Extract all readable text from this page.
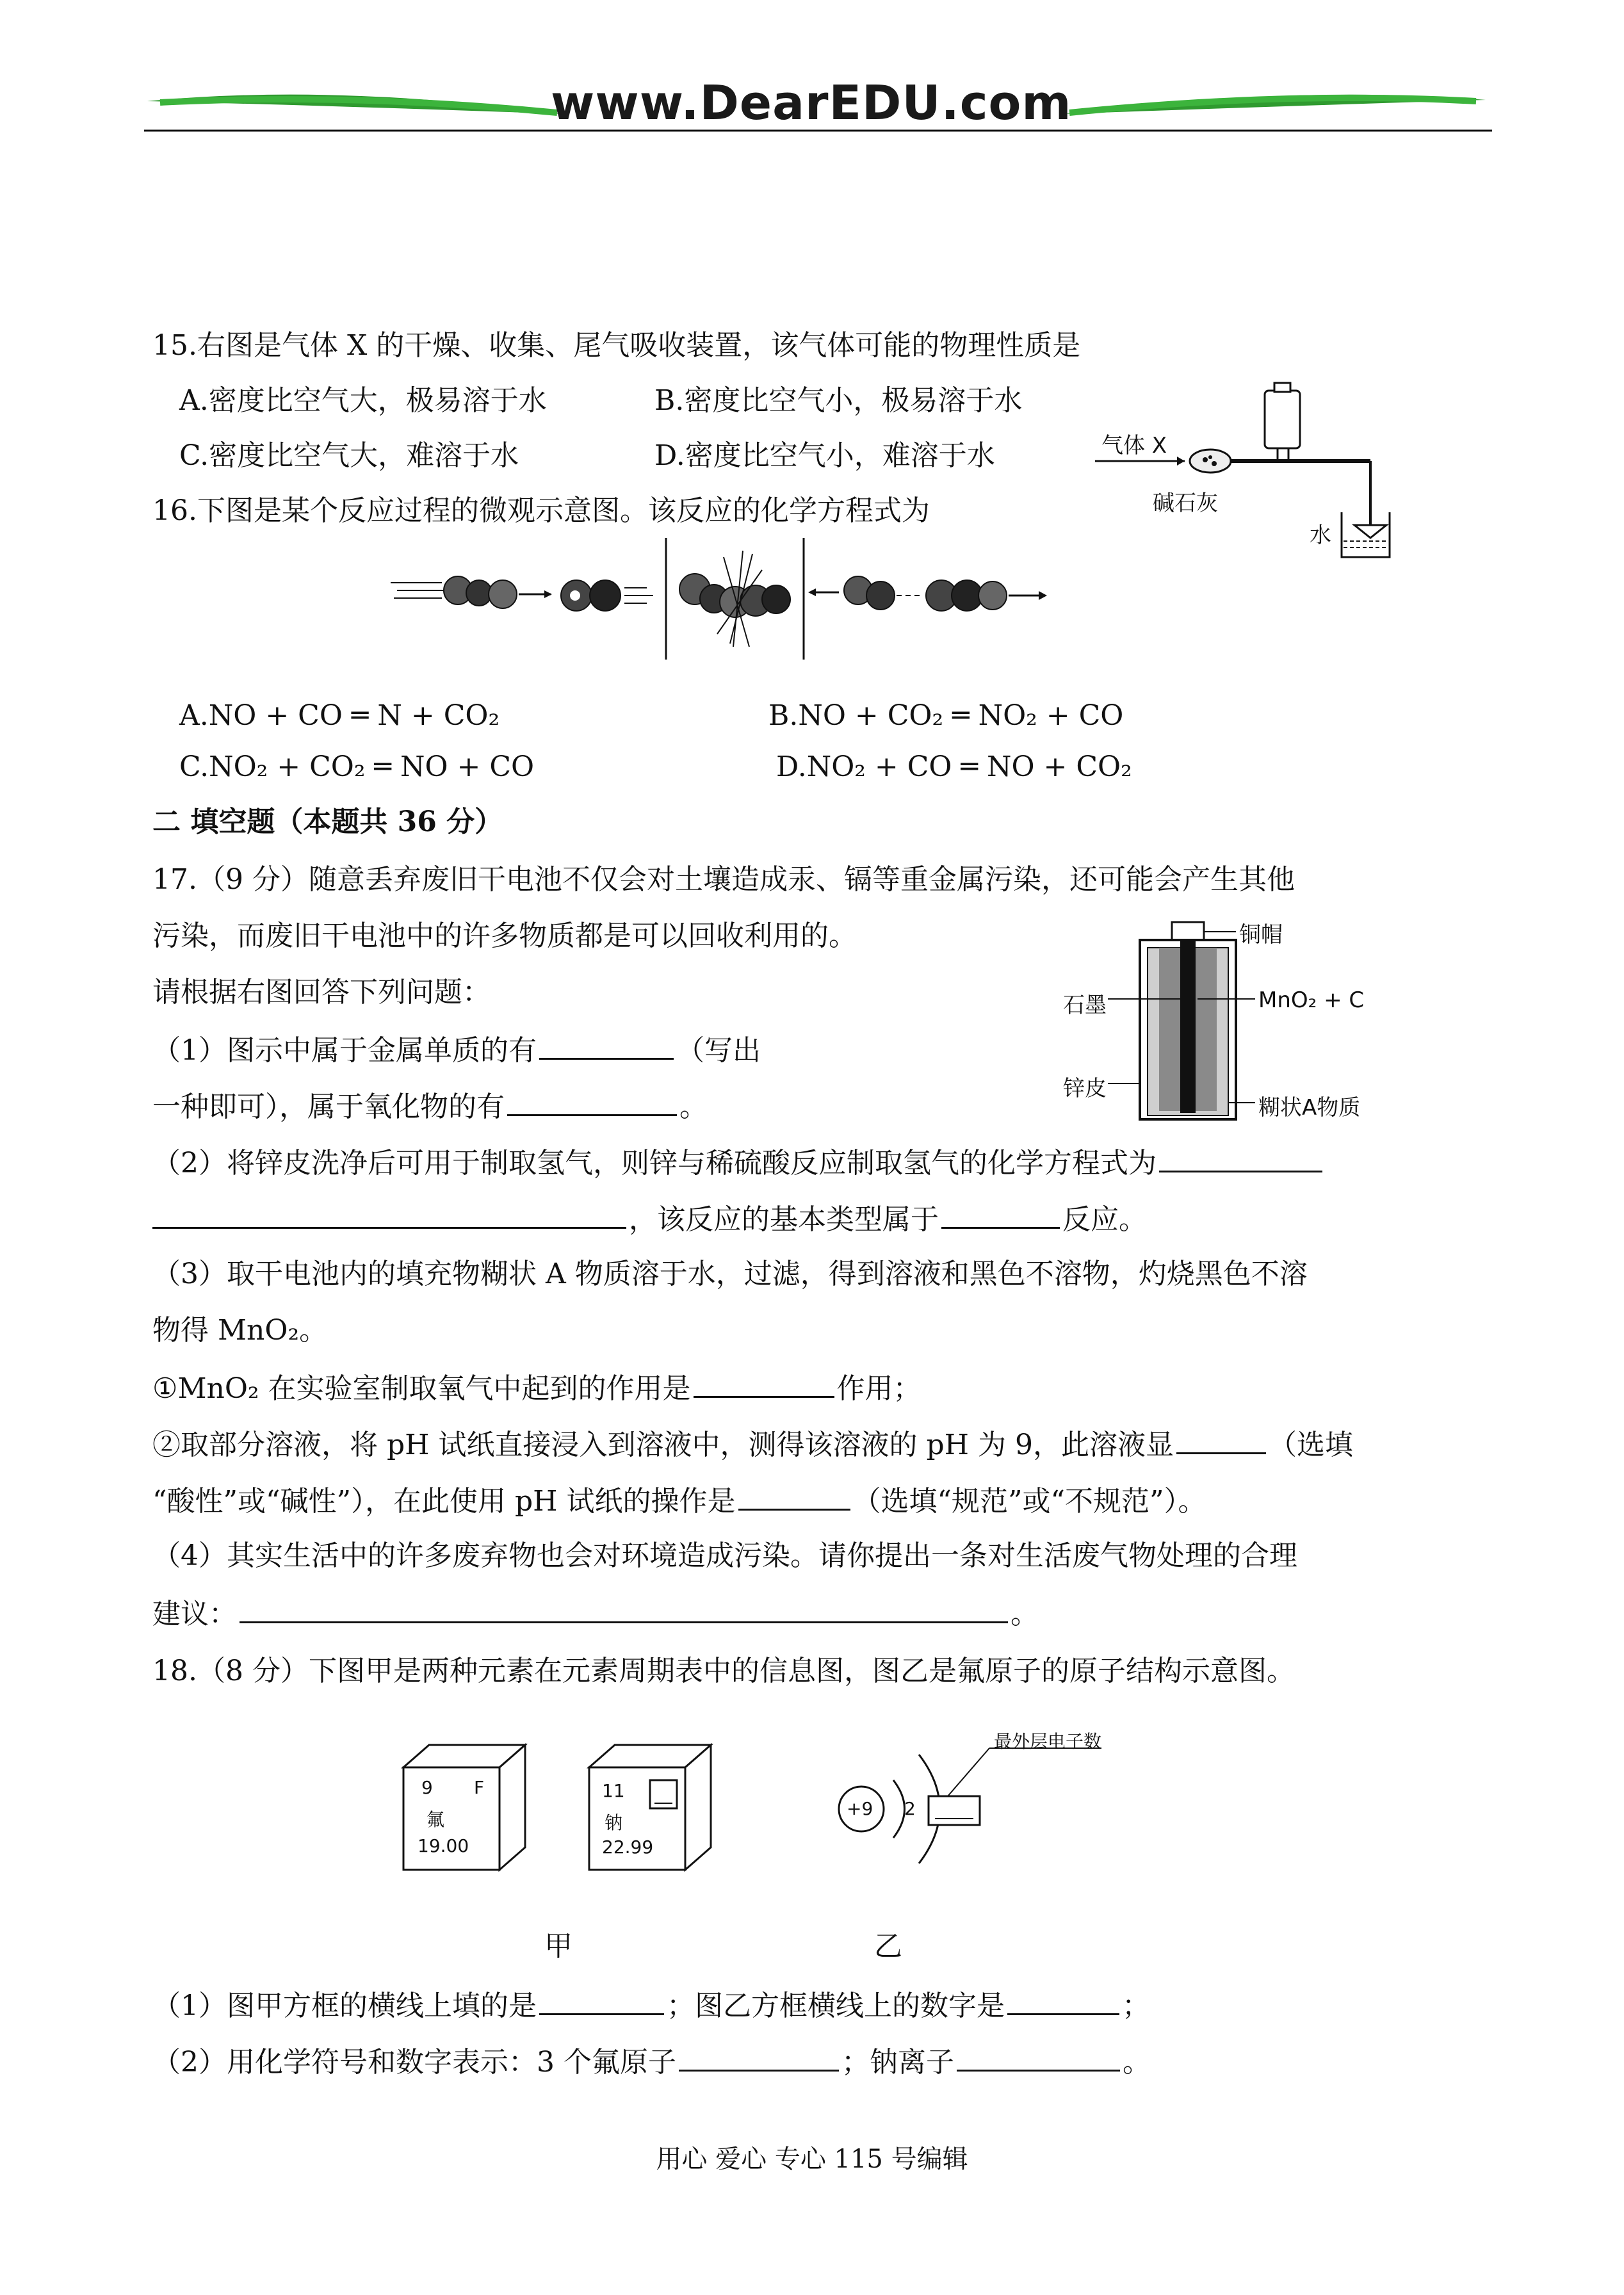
www.DearEDU.com
15.右图是气体 X 的干燥、收集、尾气吸收装置，该气体可能的物理性质是
A.密度比空气大，极易溶于水	B.密度比空气小，极易溶于水
C.密度比空气大，难溶于水	D.密度比空气小，难溶于水	气体 X
碱石灰
水
16.下图是某个反应过程的微观示意图。该反应的化学方程式为
A.NO + CO ═ N + CO₂	B.NO + CO₂ ═ NO₂ + CO
C.NO₂ + CO₂ ═ NO + CO	D.NO₂ + CO ═ NO + CO₂
二 填空题（本题共 36 分）
17.（9 分）随意丢弃废旧干电池不仅会对土壤造成汞、镉等重金属污染，还可能会产生其他
污染，而废旧干电池中的许多物质都是可以回收利用的。
请根据右图回答下列问题：
铜帽
石墨	MnO₂ + C
锌皮
糊状A物质
（1）图示中属于金属单质的有	（写出
一种即可），属于氧化物的有	。
（2）将锌皮洗净后可用于制取氢气，则锌与稀硫酸反应制取氢气的化学方程式为
，该反应的基本类型属于	反应。
（3）取干电池内的填充物糊状 A 物质溶于水，过滤，得到溶液和黑色不溶物，灼烧黑色不溶
物得 MnO₂。
①MnO₂ 在实验室制取氧气中起到的作用是	作用；
②取部分溶液，将 pH 试纸直接浸入到溶液中，测得该溶液的 pH 为 9，此溶液显	（选填
“酸性”或“碱性”），在此使用 pH 试纸的操作是	（选填“规范”或“不规范”）。
（4）其实生活中的许多废弃物也会对环境造成污染。请你提出一条对生活废气物处理的合理
建议：	。
18.（8 分）下图甲是两种元素在元素周期表中的信息图，图乙是氟原子的原子结构示意图。
9 F
氟
19.00
11
钠
22.99
+9 2
最外层电子数
甲	乙
（1）图甲方框的横线上填的是	；图乙方框横线上的数字是	；
（2）用化学符号和数字表示：3 个氟原子	；钠离子	。
用心 爱心 专心 115 号编辑
